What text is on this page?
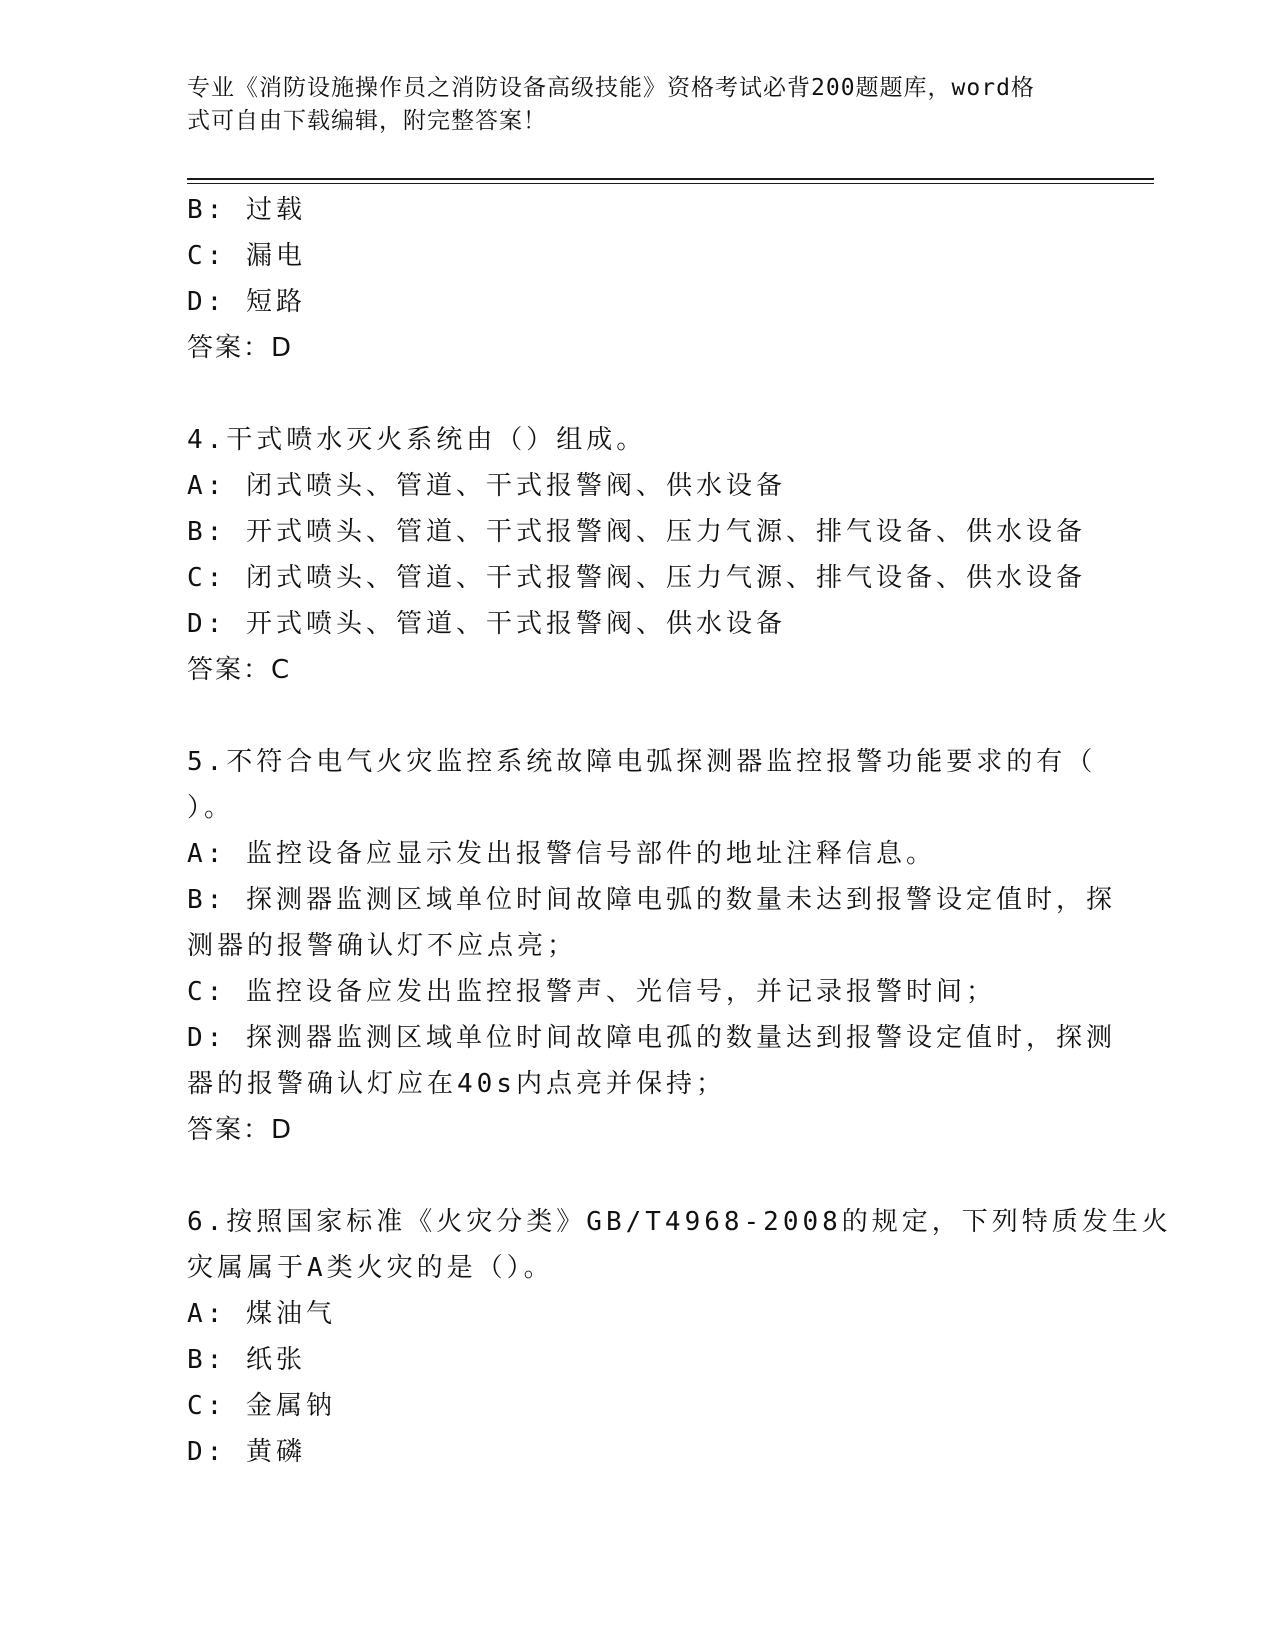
专业《消防设施操作员之消防设备高级技能》资格考试必背200题题库，word格
式可自由下载编辑，附完整答案！

B: 过载

C: 漏电

D: 短路

答案：D

4.干式喷水灭火系统由（）组成。

A: 闭式喷头、管道、干式报警阀、供水设备

B: 开式喷头、管道、干式报警阀、压力气源、排气设备、供水设备

C: 闭式喷头、管道、干式报警阀、压力气源、排气设备、供水设备

D: 开式喷头、管道、干式报警阀、供水设备

答案：C

5.不符合电气火灾监控系统故障电弧探测器监控报警功能要求的有（

）。

A: 监控设备应显示发出报警信号部件的地址注释信息。

B: 探测器监测区域单位时间故障电弧的数量未达到报警设定值时，探

测器的报警确认灯不应点亮；

C: 监控设备应发出监控报警声、光信号，并记录报警时间；

D: 探测器监测区域单位时间故障电孤的数量达到报警设定值时，探测

器的报警确认灯应在40s内点亮并保持；

答案：D

6.按照国家标准《火灾分类》GB/T4968-2008的规定，下列特质发生火

灾属属于A类火灾的是（）。

A: 煤油气

B: 纸张

C: 金属钠

D: 黄磷
